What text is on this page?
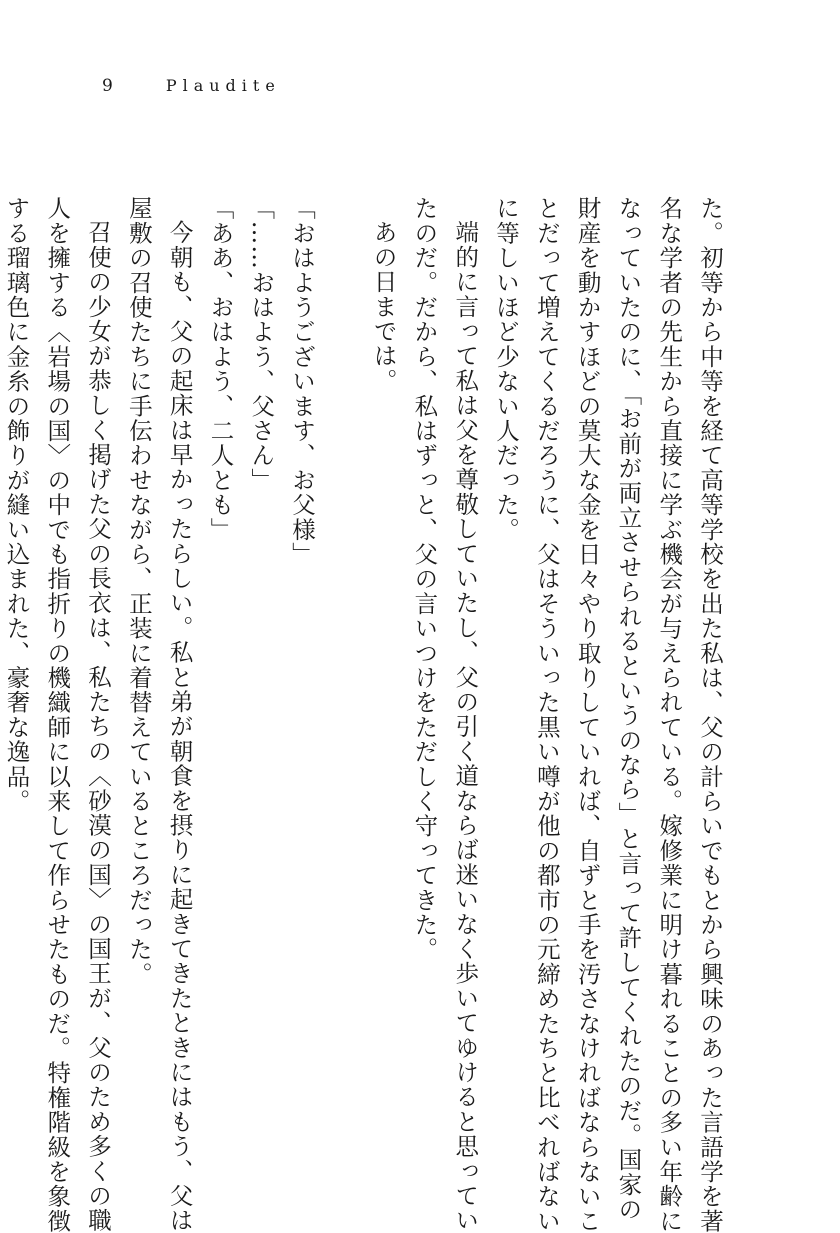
9	Plaudite

た。初等から中等を経て高等学校を出た私は、父の計らいでもとから興味のあった言語学を著

名な学者の先生から直接に学ぶ機会が与えられている。嫁修業に明け暮れることの多い年齢に

なっていたのに、「お前が両立させられるというのなら」と言って許してくれたのだ。国家の

財産を動かすほどの莫大な金を日々やり取りしていれば、自ずと手を汚さなければならないこ

とだって増えてくるだろうに、父はそういった黒い噂が他の都市の元締めたちと比べればない

に等しいほど少ない人だった。

端的に言って私は父を尊敬していたし、父の引く道ならば迷いなく歩いてゆけると思ってい

たのだ。だから、私はずっと、父の言いつけをただしく守ってきた。

あの日までは。

「おはようございます、お父様」

「……おはよう、父さん」

「ああ、おはよう、二人とも」

今朝も、父の起床は早かったらしい。私と弟が朝食を摂りに起きてきたときにはもう、父は

屋敷の召使たちに手伝わせながら、正装に着替えているところだった。

召使の少女が恭しく掲げた父の長衣は、私たちの〈砂漠の国〉の国王が、父のため多くの職

人を擁する〈岩場の国〉の中でも指折りの機織師に以来して作らせたものだ。特権階級を象徴

する瑠璃色に金糸の飾りが縫い込まれた、豪奢な逸品。
